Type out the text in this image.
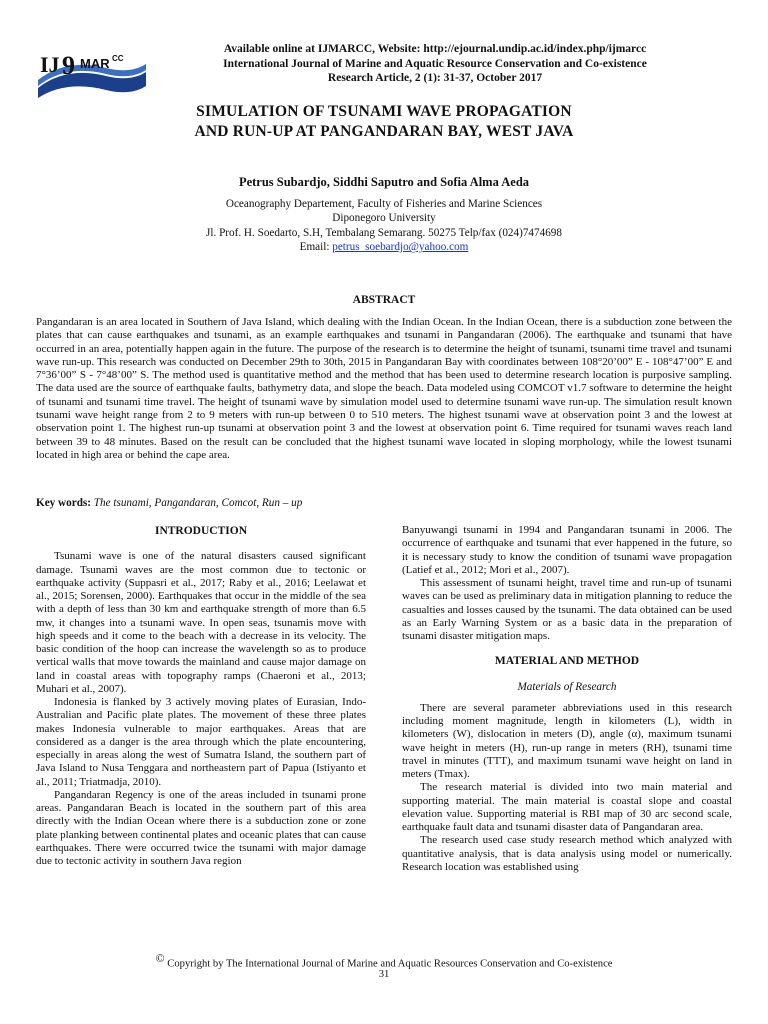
IJ 9 MAR CC
Available online at IJMARCC, Website: http://ejournal.undip.ac.id/index.php/ijmarcc
International Journal of Marine and Aquatic Resource Conservation and Co-existence
Research Article, 2 (1): 31-37, October 2017
SIMULATION OF TSUNAMI WAVE PROPAGATION
AND RUN-UP AT PANGANDARAN BAY, WEST JAVA
Petrus Subardjo, Siddhi Saputro and Sofia Alma Aeda
Oceanography Departement, Faculty of Fisheries and Marine Sciences
Diponegoro University
Jl. Prof. H. Soedarto, S.H, Tembalang Semarang. 50275 Telp/fax (024)7474698
Email: petrus_soebardjo@yahoo.com
ABSTRACT
Pangandaran is an area located in Southern of Java Island, which dealing with the Indian Ocean. In the Indian Ocean, there is a subduction zone between the plates that can cause earthquakes and tsunami, as an example earthquakes and tsunami in Pangandaran (2006). The earthquake and tsunami that have occurred in an area, potentially happen again in the future. The purpose of the research is to determine the height of tsunami, tsunami time travel and tsunami wave run-up. This research was conducted on December 29th to 30th, 2015 in Pangandaran Bay with coordinates between 108°20’00” E - 108°47’00” E and 7°36’00” S - 7°48’00” S. The method used is quantitative method and the method that has been used to determine research location is purposive sampling. The data used are the source of earthquake faults, bathymetry data, and slope the beach. Data modeled using COMCOT v1.7 software to determine the height of tsunami and tsunami time travel. The height of tsunami wave by simulation model used to determine tsunami wave run-up. The simulation result known tsunami wave height range from 2 to 9 meters with run-up between 0 to 510 meters. The highest tsunami wave at observation point 3 and the lowest at observation point 1. The highest run-up tsunami at observation point 3 and the lowest at observation point 6. Time required for tsunami waves reach land between 39 to 48 minutes. Based on the result can be concluded that the highest tsunami wave located in sloping morphology, while the lowest tsunami located in high area or behind the cape area.
Key words: The tsunami, Pangandaran, Comcot, Run – up
INTRODUCTION

Tsunami wave is one of the natural disasters caused significant damage. Tsunami waves are the most common due to tectonic or earthquake activity (Suppasri et al., 2017; Raby et al., 2016; Leelawat et al., 2015; Sorensen, 2000). Earthquakes that occur in the middle of the sea with a depth of less than 30 km and earthquake strength of more than 6.5 mw, it changes into a tsunami wave. In open seas, tsunamis move with high speeds and it come to the beach with a decrease in its velocity. The basic condition of the hoop can increase the wavelength so as to produce vertical walls that move towards the mainland and cause major damage on land in coastal areas with topography ramps (Chaeroni et al., 2013; Muhari et al., 2007).

Indonesia is flanked by 3 actively moving plates of Eurasian, Indo-Australian and Pacific plate plates. The movement of these three plates makes Indonesia vulnerable to major earthquakes. Areas that are considered as a danger is the area through which the plate encountering, especially in areas along the west of Sumatra Island, the southern part of Java Island to Nusa Tenggara and northeastern part of Papua (Istiyanto et al., 2011; Triatmadja, 2010).

Pangandaran Regency is one of the areas included in tsunami prone areas. Pangandaran Beach is located in the southern part of this area directly with the Indian Ocean where there is a subduction zone or zone plate planking between continental plates and oceanic plates that can cause earthquakes. There were occurred twice the tsunami with major damage due to tectonic activity in southern Java region

Banyuwangi tsunami in 1994 and Pangandaran tsunami in 2006. The occurrence of earthquake and tsunami that ever happened in the future, so it is necessary study to know the condition of tsunami wave propagation (Latief et al., 2012; Mori et al., 2007).

This assessment of tsunami height, travel time and run-up of tsunami waves can be used as preliminary data in mitigation planning to reduce the casualties and losses caused by the tsunami. The data obtained can be used as an Early Warning System or as a basic data in the preparation of tsunami disaster mitigation maps.

MATERIAL AND METHOD
Materials of Research

There are several parameter abbreviations used in this research including moment magnitude, length in kilometers (L), width in kilometers (W), dislocation in meters (D), angle (α), maximum tsunami wave height in meters (H), run-up range in meters (RH), tsunami time travel in minutes (TTT), and maximum tsunami wave height on land in meters (Tmax).

The research material is divided into two main material and supporting material. The main material is coastal slope and coastal elevation value. Supporting material is RBI map of 30 arc second scale, earthquake fault data and tsunami disaster data of Pangandaran area.

The research used case study research method which analyzed with quantitative analysis, that is data analysis using model or numerically. Research location was established using

© Copyright by The International Journal of Marine and Aquatic Resources Conservation and Co-existence
31
